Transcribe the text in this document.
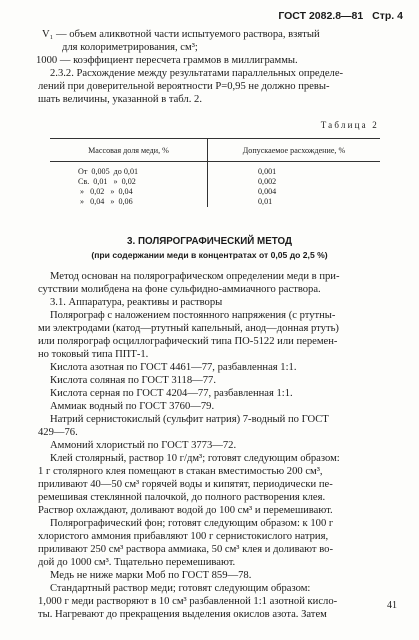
ГОСТ 2082.8—81 Стр. 4
V₁ — объем аликвотной части испытуемого раствора, взятый
для колориметрирования, см³;
1000 — коэффициент пересчета граммов в миллиграммы.
2.3.2. Расхождение между результатами параллельных определе-
лений при доверительной вероятности P=0,95 не должно превы-
шать величины, указанной в табл. 2.
Таблица 2
Массовая доля меди, %	Допускаемое расхождение, %
От  0,005  до 0,01	0,001
Св.  0,01   »  0,02	0,002
»   0,02   »  0,04	0,004
»   0,04   »  0,06	0,01
3. ПОЛЯРОГРАФИЧЕСКИЙ МЕТОД
(при содержании меди в концентратах от 0,05 до 2,5 %)
Метод основан на полярографическом определении меди в при-
сутствии молибдена на фоне сульфидно-аммиачного раствора.
3.1. Аппаратура, реактивы и растворы
Полярограф с наложением постоянного напряжения (с ртутны-
ми электродами (катод—ртутный капельный, анод—донная ртуть)
или полярограф осциллографический типа ПО-5122 или перемен-
но токовый типа ППТ-1.
Кислота азотная по ГОСТ 4461—77, разбавленная 1:1.
Кислота соляная по ГОСТ 3118—77.
Кислота серная по ГОСТ 4204—77, разбавленная 1:1.
Аммиак водный по ГОСТ 3760—79.
Натрий сернистокислый (сульфит натрия) 7-водный по ГОСТ
429—76.
Аммоний хлористый по ГОСТ 3773—72.
Клей столярный, раствор 10 г/дм³; готовят следующим образом:
1 г столярного клея помещают в стакан вместимостью 200 см³,
приливают 40—50 см³ горячей воды и кипятят, периодически пе-
ремешивая стеклянной палочкой, до полного растворения клея.
Раствор охлаждают, доливают водой до 100 см³ и перемешивают.
Полярографический фон; готовят следующим образом: к 100 г
хлористого аммония прибавляют 100 г сернистокислого натрия,
приливают 250 см³ раствора аммиака, 50 см³ клея и доливают во-
дой до 1000 см³. Тщательно перемешивают.
Медь не ниже марки Моб по ГОСТ 859—78.
Стандартный раствор меди; готовят следующим образом:
1,000 г меди растворяют в 10 см³ разбавленной 1:1 азотной кисло-
ты. Нагревают до прекращения выделения окислов азота. Затем
41
